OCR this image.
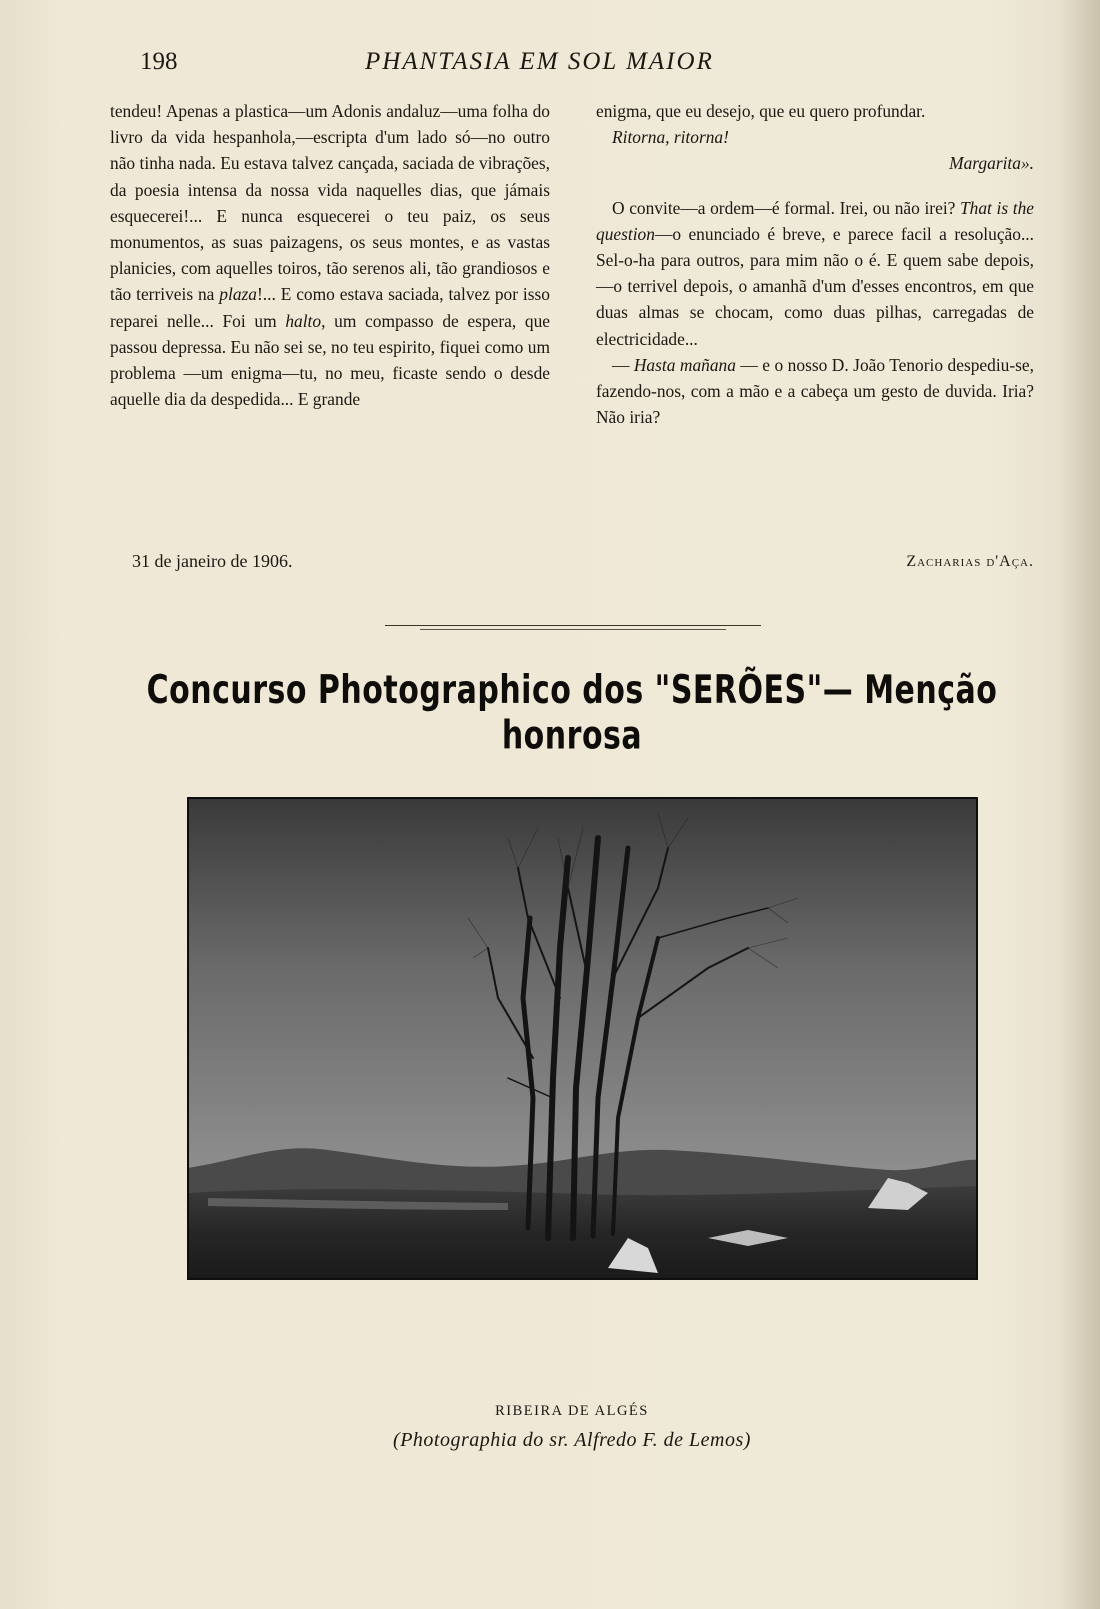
198	PHANTASIA EM SOL MAIOR

tendeu! Apenas a plastica—um Adonis andaluz—uma folha do livro da vida hespanhola,—escripta d'um lado só—no outro não tinha nada. Eu estava talvez cançada, saciada de vibrações, da poesia intensa da nossa vida naquelles dias, que jámais esquecerei!... E nunca esquecerei o teu paiz, os seus monumentos, as suas paizagens, os seus montes, e as vastas planicies, com aquelles toiros, tão serenos ali, tão grandiosos e tão terriveis na plaza!... E como estava saciada, talvez por isso reparei nelle... Foi um halto, um compasso de espera, que passou depressa. Eu não sei se, no teu espirito, fiquei como um problema —um enigma—tu, no meu, ficaste sendo o desde aquelle dia da despedida... E grande

enigma, que eu desejo, que eu quero profundar.

Ritorna, ritorna!

Margarita».

O convite—a ordem—é formal. Irei, ou não irei? That is the question—o enunciado é breve, e parece facil a resolução... Sel-o-ha para outros, para mim não o é. E quem sabe depois,—o terrivel depois, o amanhã d'um d'esses encontros, em que duas almas se chocam, como duas pilhas, carregadas de electricidade...

— Hasta mañana — e o nosso D. João Tenorio despediu-se, fazendo-nos, com a mão e a cabeça um gesto de duvida. Iria? Não iria?

31 de janeiro de 1906.	Zacharias d'Aça.
Concurso Photographico dos "SERÕES"— Menção honrosa
RIBEIRA DE ALGÉS
(Photographia do sr. Alfredo F. de Lemos)
